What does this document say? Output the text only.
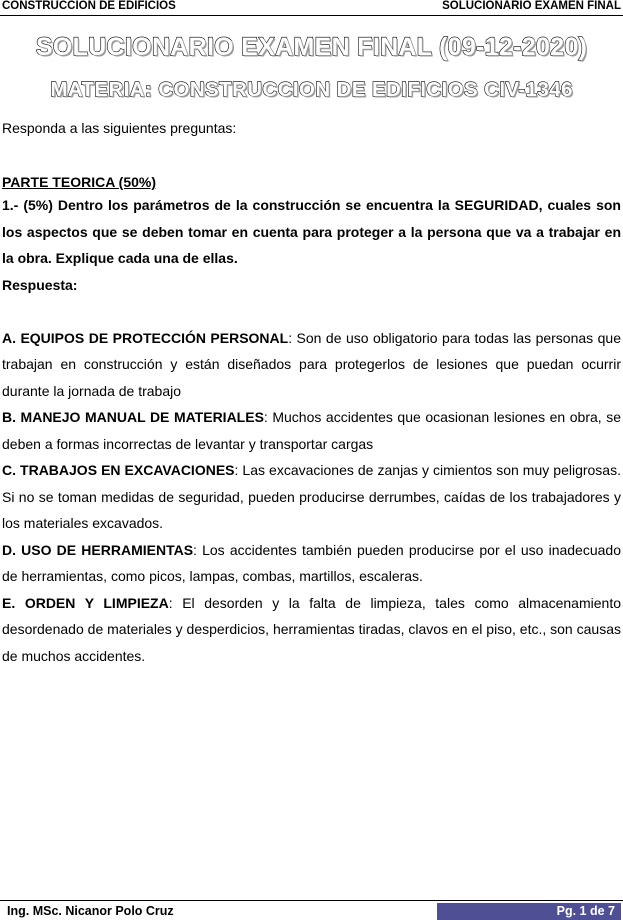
CONSTRUCCION DE EDIFICIOS	SOLUCIONARIO EXAMEN FINAL
SOLUCIONARIO EXAMEN FINAL (09-12-2020)
MATERIA: CONSTRUCCION DE EDIFICIOS CIV-1346

Responda a las siguientes preguntas:

PARTE TEORICA (50%)

1.- (5%) Dentro los parámetros de la construcción se encuentra la SEGURIDAD, cuales son los aspectos que se deben tomar en cuenta para proteger a la persona que va a trabajar en la obra. Explique cada una de ellas.

Respuesta:

A. EQUIPOS DE PROTECCIÓN PERSONAL: Son de uso obligatorio para todas las personas que trabajan en construcción y están diseñados para protegerlos de lesiones que puedan ocurrir durante la jornada de trabajo

B. MANEJO MANUAL DE MATERIALES: Muchos accidentes que ocasionan lesiones en obra, se deben a formas incorrectas de levantar y transportar cargas

C. TRABAJOS EN EXCAVACIONES: Las excavaciones de zanjas y cimientos son muy peligrosas. Si no se toman medidas de seguridad, pueden producirse derrumbes, caídas de los trabajadores y los materiales excavados.

D. USO DE HERRAMIENTAS: Los accidentes también pueden producirse por el uso inadecuado de herramientas, como picos, lampas, combas, martillos, escaleras.

E. ORDEN Y LIMPIEZA: El desorden y la falta de limpieza, tales como almacenamiento desordenado de materiales y desperdicios, herramientas tiradas, clavos en el piso, etc., son causas de muchos accidentes.

Ing. MSc. Nicanor Polo Cruz	Pg. 1 de 7
